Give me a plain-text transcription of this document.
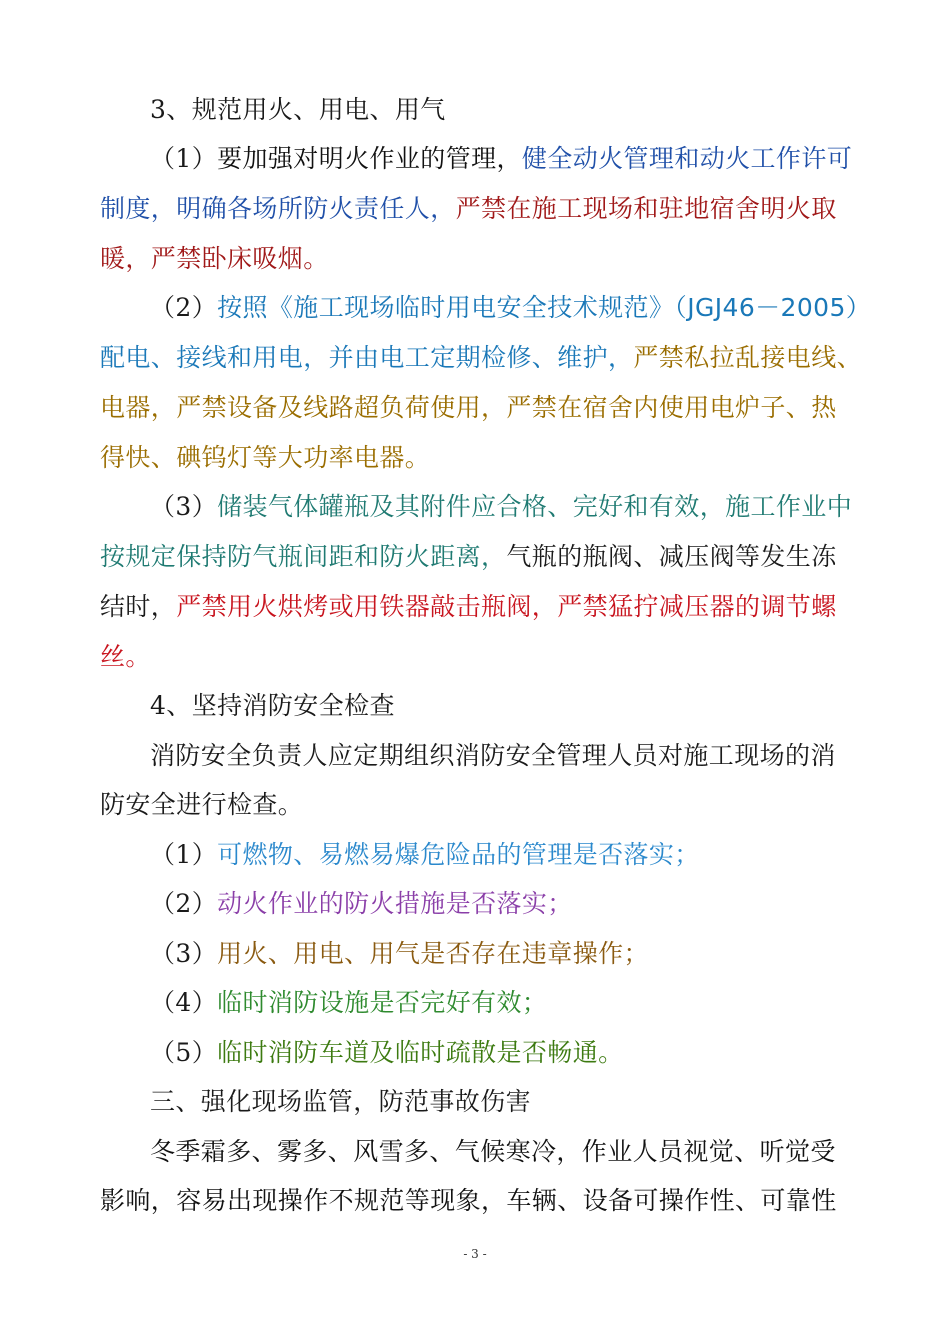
3、规范用火、用电、用气
（1）要加强对明火作业的管理，健全动火管理和动火工作许可
制度，明确各场所防火责任人，严禁在施工现场和驻地宿舍明火取
暖，严禁卧床吸烟。
（2）按照《施工现场临时用电安全技术规范》（JGJ46－2005）
配电、接线和用电，并由电工定期检修、维护，严禁私拉乱接电线、
电器，严禁设备及线路超负荷使用，严禁在宿舍内使用电炉子、热
得快、碘钨灯等大功率电器。
（3）储装气体罐瓶及其附件应合格、完好和有效，施工作业中
按规定保持防气瓶间距和防火距离，气瓶的瓶阀、减压阀等发生冻
结时，严禁用火烘烤或用铁器敲击瓶阀，严禁猛拧减压器的调节螺
丝。
4、坚持消防安全检查
消防安全负责人应定期组织消防安全管理人员对施工现场的消
防安全进行检查。
（1）可燃物、易燃易爆危险品的管理是否落实；
（2）动火作业的防火措施是否落实；
（3）用火、用电、用气是否存在违章操作；
（4）临时消防设施是否完好有效；
（5）临时消防车道及临时疏散是否畅通。
三、强化现场监管，防范事故伤害
冬季霜多、雾多、风雪多、气候寒冷，作业人员视觉、听觉受
影响，容易出现操作不规范等现象，车辆、设备可操作性、可靠性
- 3 -
